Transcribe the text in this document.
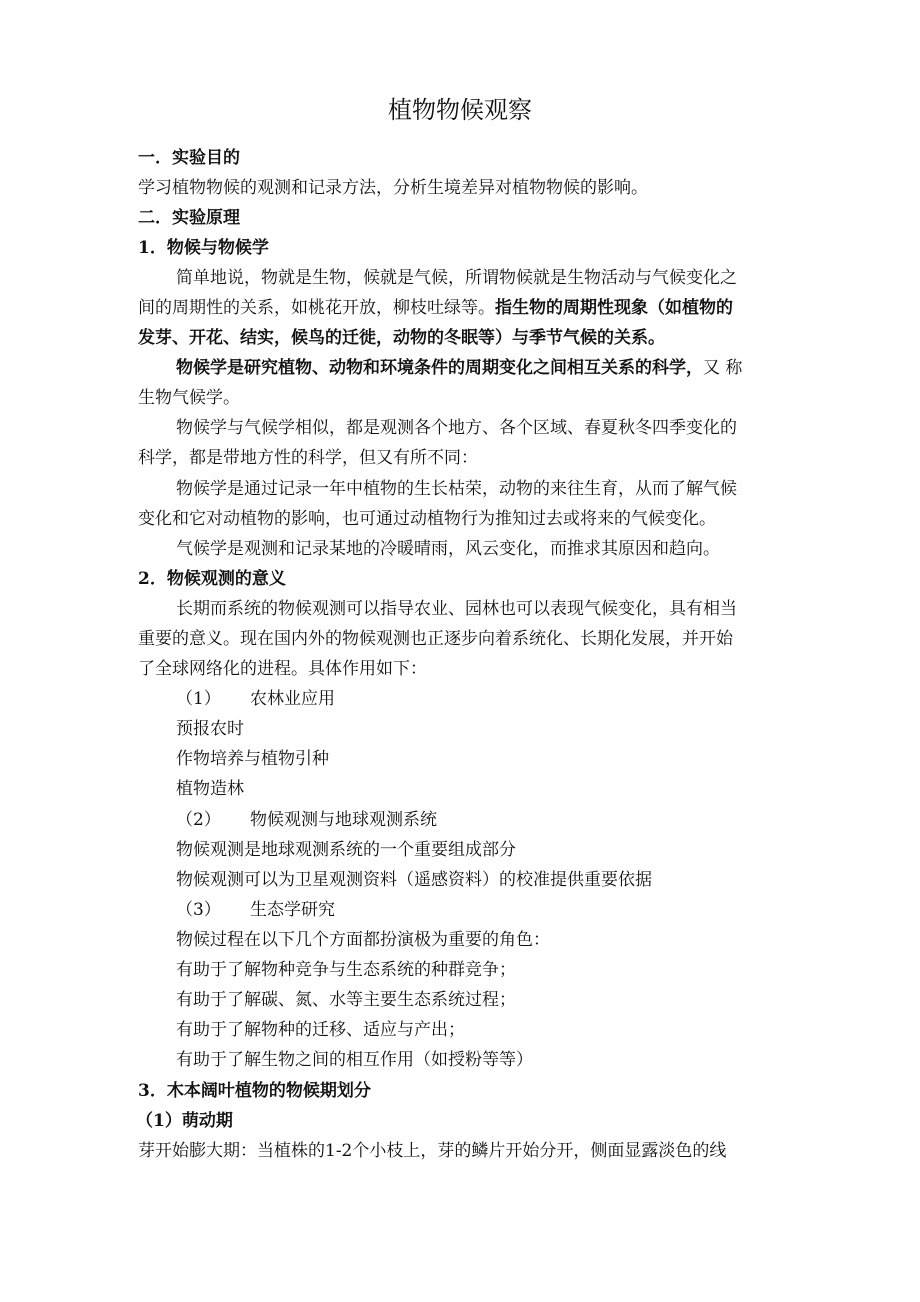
植物物候观察
一．实验目的
学习植物物候的观测和记录方法，分析生境差异对植物物候的影响。
二．实验原理
1．物候与物候学
简单地说，物就是生物，候就是气候，所谓物候就是生物活动与气候变化之
间的周期性的关系，如桃花开放，柳枝吐绿等。指生物的周期性现象（如植物的
发芽、开花、结实，候鸟的迁徙，动物的冬眠等）与季节气候的关系。
物候学是研究植物、动物和环境条件的周期变化之间相互关系的科学，又 称
生物气候学。
物候学与气候学相似，都是观测各个地方、各个区域、春夏秋冬四季变化的
科学，都是带地方性的科学，但又有所不同：
物候学是通过记录一年中植物的生长枯荣，动物的来往生育，从而了解气候
变化和它对动植物的影响，也可通过动植物行为推知过去或将来的气候变化。
气候学是观测和记录某地的冷暖晴雨，风云变化，而推求其原因和趋向。
2．物候观测的意义
长期而系统的物候观测可以指导农业、园林也可以表现气候变化，具有相当
重要的意义。现在国内外的物候观测也正逐步向着系统化、长期化发展，并开始
了全球网络化的进程。具体作用如下：
（1） 农林业应用
预报农时
作物培养与植物引种
植物造林
（2） 物候观测与地球观测系统
物候观测是地球观测系统的一个重要组成部分
物候观测可以为卫星观测资料（遥感资料）的校准提供重要依据
（3） 生态学研究
物候过程在以下几个方面都扮演极为重要的角色：
有助于了解物种竞争与生态系统的种群竞争；
有助于了解碳、氮、水等主要生态系统过程；
有助于了解物种的迁移、适应与产出；
有助于了解生物之间的相互作用（如授粉等等）
3．木本阔叶植物的物候期划分
（1）萌动期
芽开始膨大期：当植株的1-2个小枝上，芽的鳞片开始分开，侧面显露淡色的线
